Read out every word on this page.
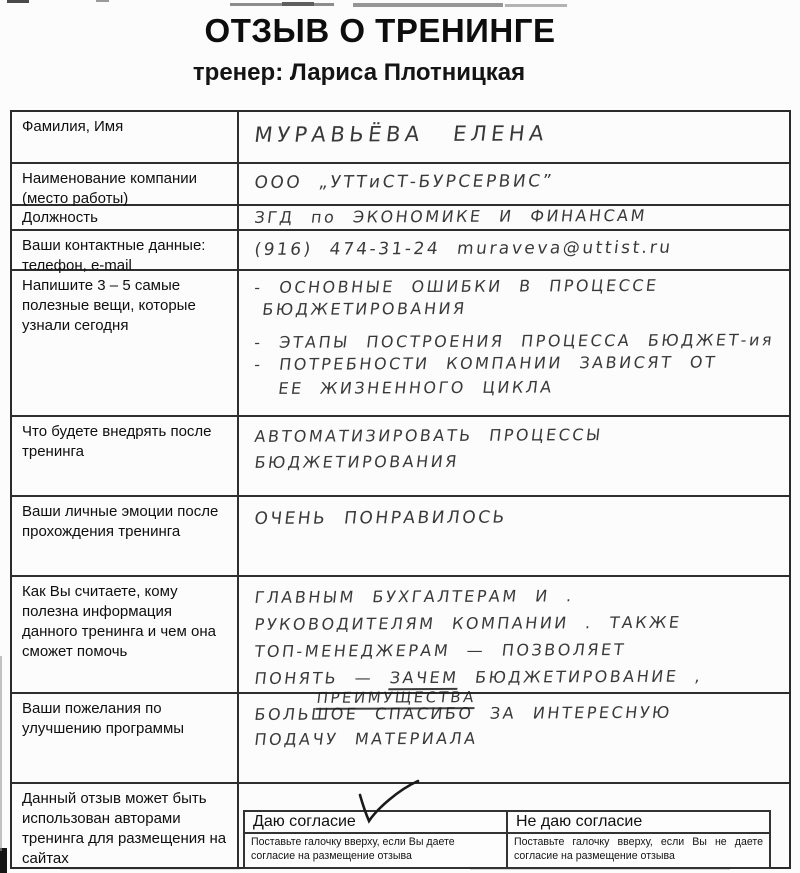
ОТЗЫВ О ТРЕНИНГЕ
тренер: Лариса Плотницкая
Фамилия, Имя	МУРАВЬЁВА ЕЛЕНА
Наименование компании (место работы)
ООО „УТТиСТ-БУРСЕРВИС”
Должность	ЗГД по ЭКОНОМИКЕ И ФИНАНСАМ
Ваши контактные данные: телефон, e-mail
(916) 474-31-24 muraveva@uttist.ru
Напишите 3 – 5 самые полезные вещи, которые узнали сегодня
- ОСНОВНЫЕ ОШИБКИ В ПРОЦЕССЕ
БЮДЖЕТИРОВАНИЯ
- ЭТАПЫ ПОСТРОЕНИЯ ПРОЦЕССА БЮДЖЕТ-ия
- ПОТРЕБНОСТИ КОМПАНИИ ЗАВИСЯТ ОТ
ЕЕ ЖИЗНЕННОГО ЦИКЛА
Что будете внедрять после тренинга
АВТОМАТИЗИРОВАТЬ ПРОЦЕССЫ
БЮДЖЕТИРОВАНИЯ
Ваши личные эмоции после прохождения тренинга
ОЧЕНЬ ПОНРАВИЛОСЬ
Как Вы считаете, кому полезна информация данного тренинга и чем она сможет помочь
ГЛАВНЫМ БУХГАЛТЕРАМ И .
РУКОВОДИТЕЛЯМ КОМПАНИИ . ТАКЖЕ
ТОП-МЕНЕДЖЕРАМ — ПОЗВОЛЯЕТ
ПОНЯТЬ — ЗАЧЕМ БЮДЖЕТИРОВАНИЕ ,
ПРЕИМУЩЕСТВА
Ваши пожелания по улучшению программы
БОЛЬШОЕ СПАСИБО ЗА ИНТЕРЕСНУЮ
ПОДАЧУ МАТЕРИАЛА
Данный отзыв может быть использован авторами тренинга для размещения на сайтах
Даю согласие
Поставьте галочку вверху, если Вы даете согласие на размещение отзыва
Не даю согласие
Поставьте галочку вверху, если Вы не даете согласие на размещение отзыва
